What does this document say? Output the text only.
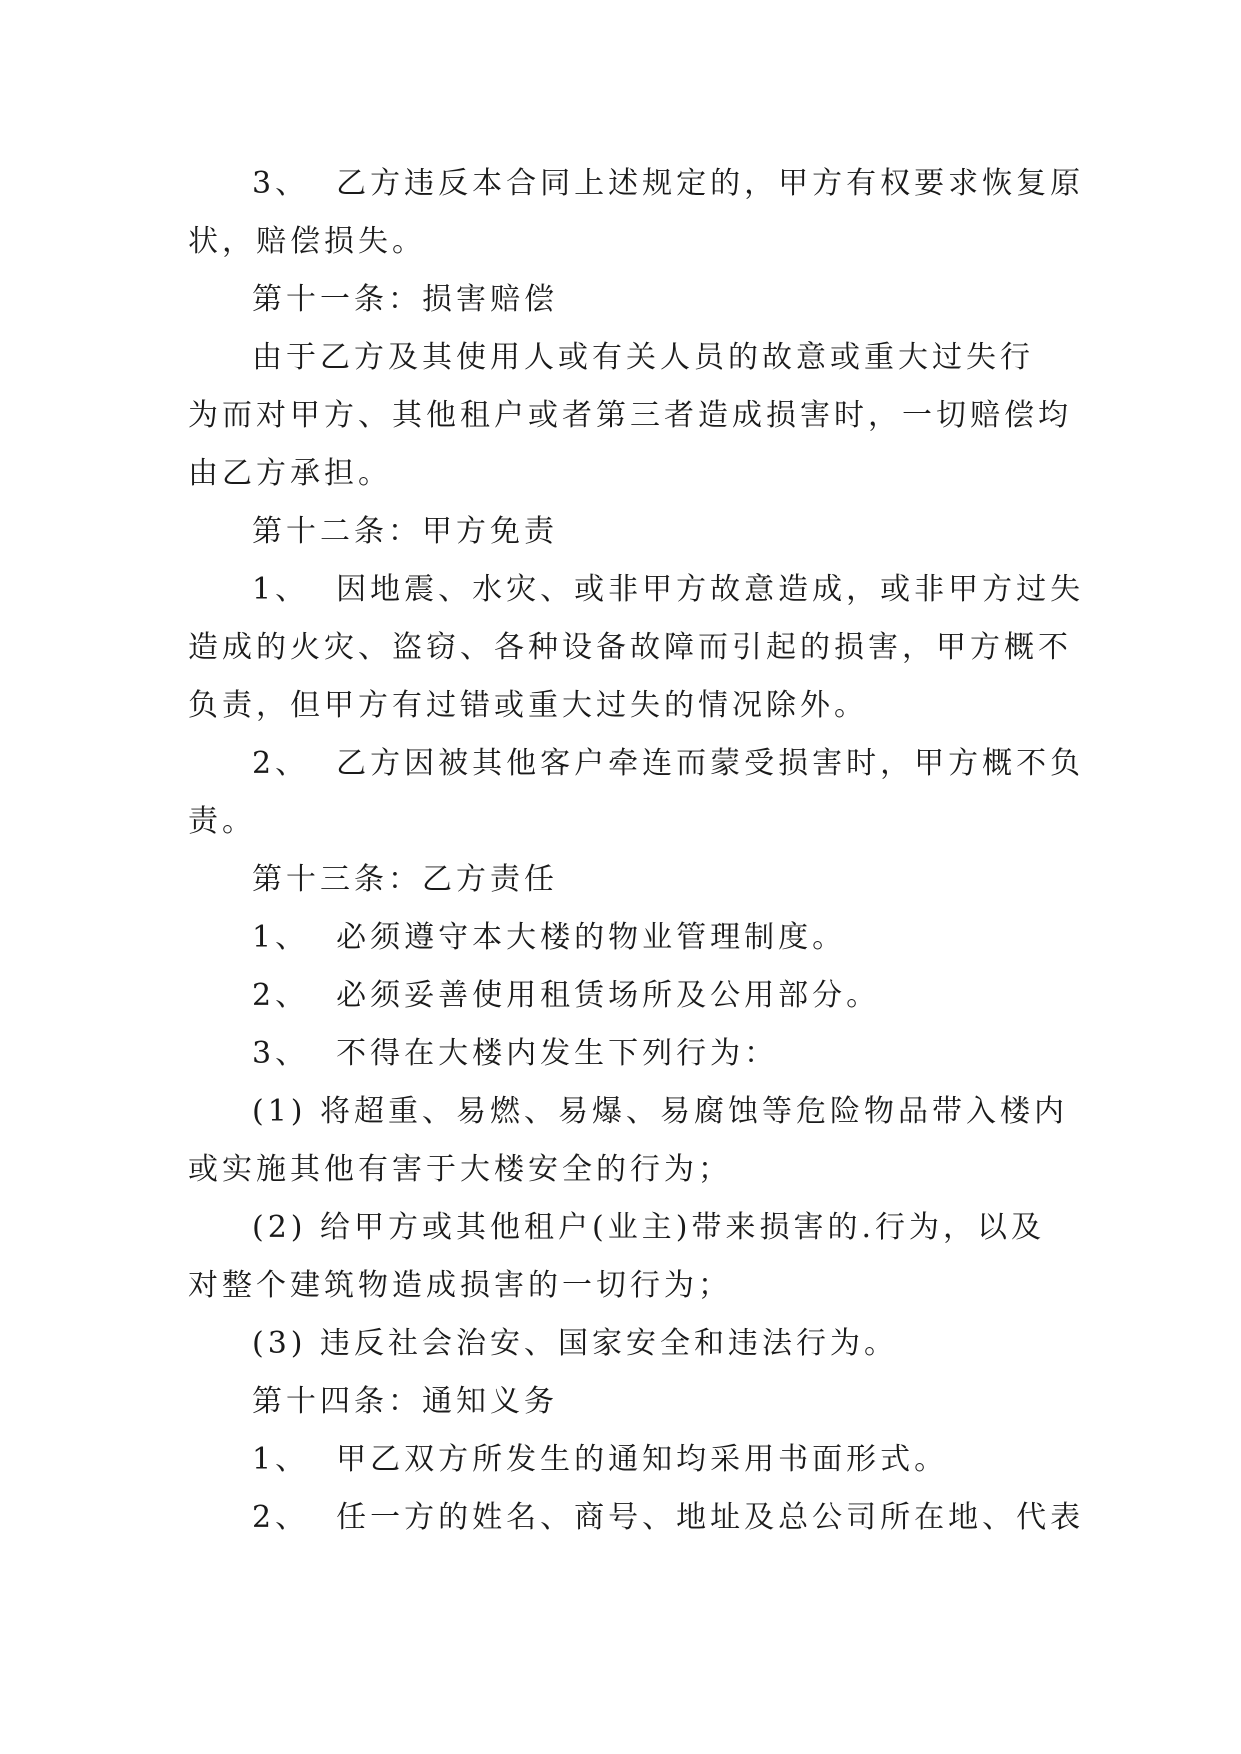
3、  乙方违反本合同上述规定的，甲方有权要求恢复原
状，赔偿损失。
第十一条：损害赔偿
由于乙方及其使用人或有关人员的故意或重大过失行
为而对甲方、其他租户或者第三者造成损害时，一切赔偿均
由乙方承担。
第十二条：甲方免责
1、  因地震、水灾、或非甲方故意造成，或非甲方过失
造成的火灾、盗窃、各种设备故障而引起的损害，甲方概不
负责，但甲方有过错或重大过失的情况除外。
2、  乙方因被其他客户牵连而蒙受损害时，甲方概不负
责。
第十三条：乙方责任
1、  必须遵守本大楼的物业管理制度。
2、  必须妥善使用租赁场所及公用部分。
3、  不得在大楼内发生下列行为：
(1) 将超重、易燃、易爆、易腐蚀等危险物品带入楼内
或实施其他有害于大楼安全的行为；
(2) 给甲方或其他租户(业主)带来损害的.行为，以及
对整个建筑物造成损害的一切行为；
(3) 违反社会治安、国家安全和违法行为。
第十四条：通知义务
1、  甲乙双方所发生的通知均采用书面形式。
2、  任一方的姓名、商号、地址及总公司所在地、代表
